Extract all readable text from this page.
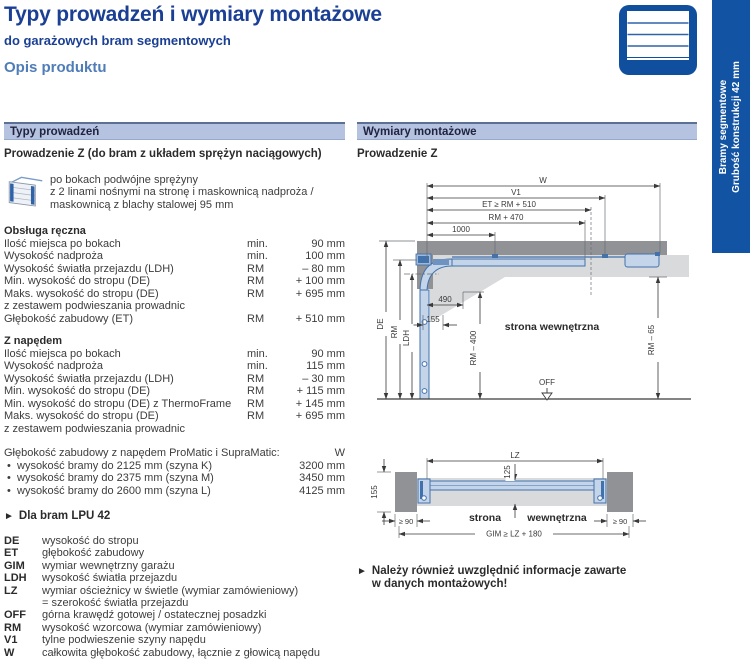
Typy prowadzeń i wymiary montażowe
do garażowych bram segmentowych
Opis produktu
Bramy segmentowe Grubość konstrukcji 42 mm
Typy prowadzeń
Prowadzenie Z (do bram z układem sprężyn naciągowych)
po bokach podwójne sprężyny
z 2 linami nośnymi na stronę i maskownicą nadproża /
maskownicą z blachy stalowej 95 mm
Obsługa ręczna
Ilość miejsca po bokach	min.	90 mm
Wysokość nadproża	min.	100 mm
Wysokość światła przejazdu (LDH)	RM	– 80 mm
Min. wysokość do stropu (DE)	RM	+ 100 mm
Maks. wysokość do stropu (DE)	RM	+ 695 mm
z zestawem podwieszania prowadnic
Głębokość zabudowy (ET)	RM	+ 510 mm
Z napędem
Ilość miejsca po bokach	min.	90 mm
Wysokość nadproża	min.	115 mm
Wysokość światła przejazdu (LDH)	RM	– 30 mm
Min. wysokość do stropu (DE)	RM	+ 115 mm
Min. wysokość do stropu (DE) z ThermoFrame	RM	+ 145 mm
Maks. wysokość do stropu (DE)	RM	+ 695 mm
z zestawem podwieszania prowadnic
Głębokość zabudowy z napędem ProMatic i SupraMatic:	W
• wysokość bramy do 2125 mm (szyna K)	3200 mm
• wysokość bramy do 2375 mm (szyna M)	3450 mm
• wysokość bramy do 2600 mm (szyna L)	4125 mm
► Dla bram LPU 42
DE	wysokość do stropu
ET	głębokość zabudowy
GIM	wymiar wewnętrzny garażu
LDH	wysokość światła przejazdu
LZ	wymiar ościeżnicy w świetle (wymiar zamówieniowy)
= szerokość światła przejazdu
OFF	górna krawędź gotowej / ostatecznej posadzki
RM	wysokość wzorcowa (wymiar zamówieniowy)
V1	tylne podwieszenie szyny napędu
W	całkowita głębokość zabudowy, łącznie z głowicą napędu
Wymiary montażowe
Prowadzenie Z
W
V1
ET ≥ RM + 510
RM + 470
1000
490
155
RM – 400	RM – 65
DE
RM LDH
strona wewnętrzna
OFF
LZ
125
155
≥ 90	≥ 90
strona wewnętrzna
GIM ≥ LZ + 180
► Należy również uwzględnić informacje zawarte
w danych montażowych!
